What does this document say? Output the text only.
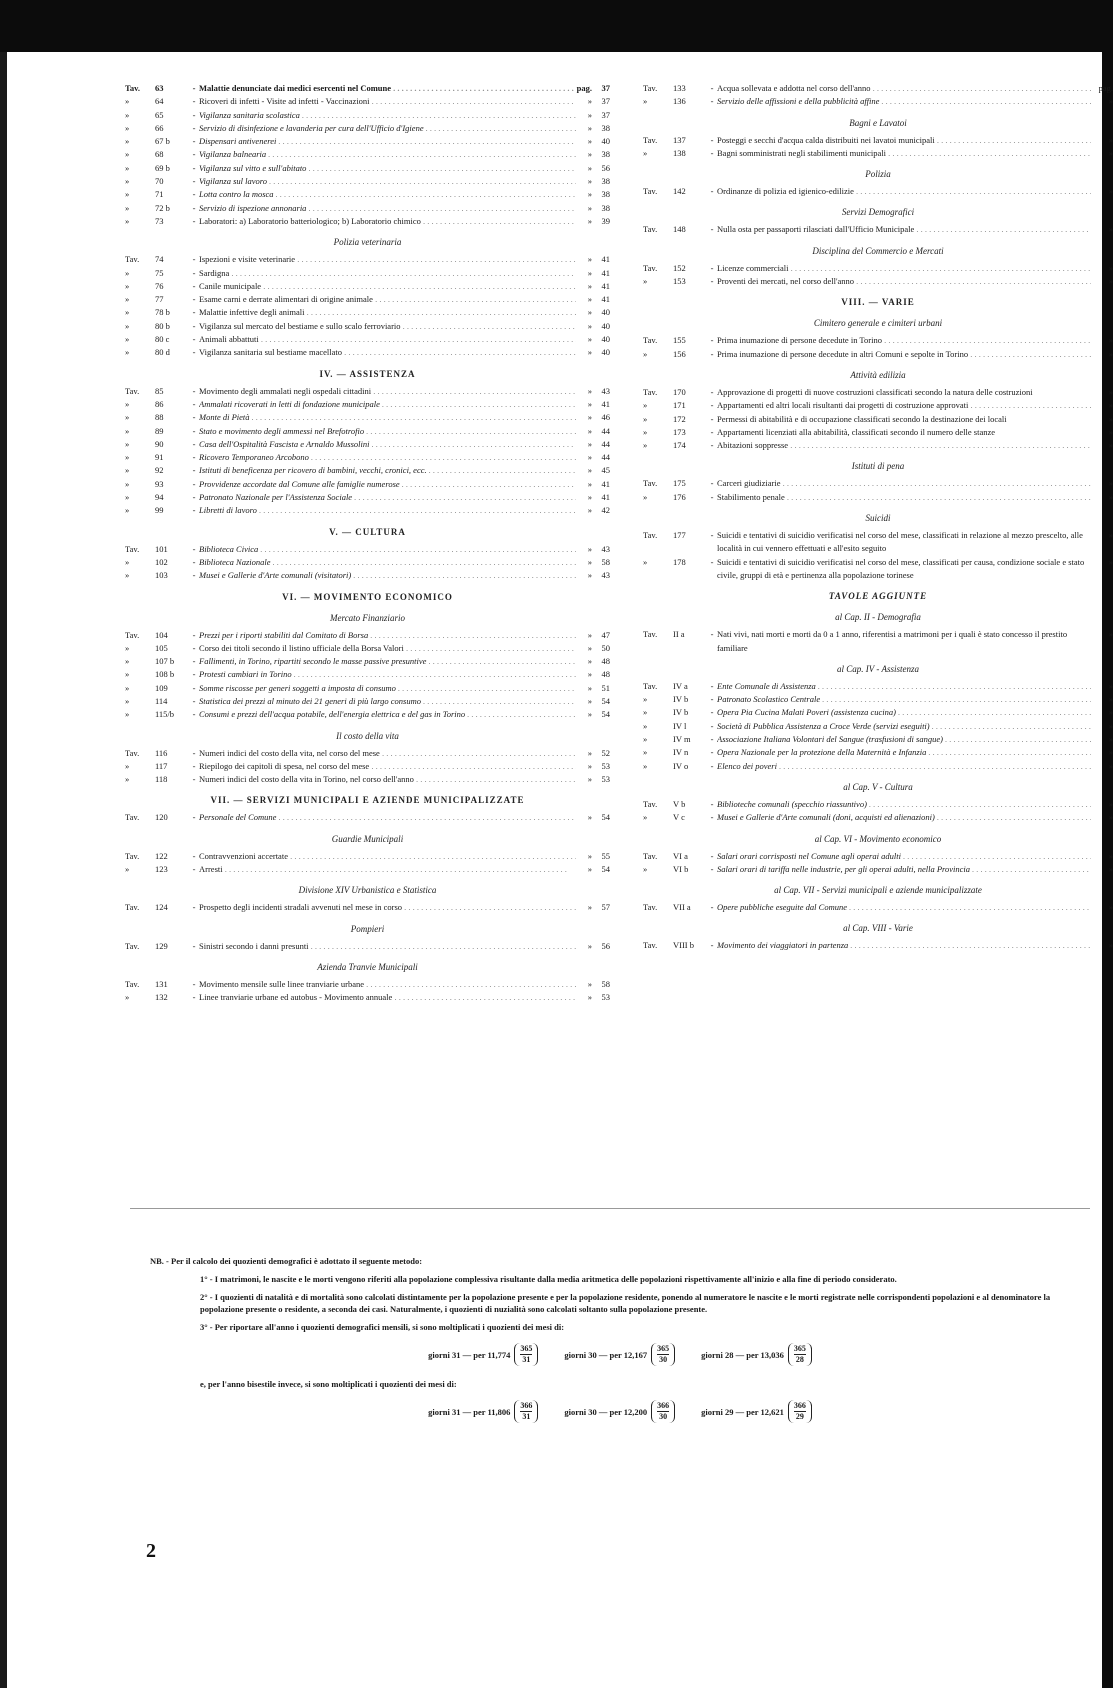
Tav.	63	- Malattie denunciate dai medici esercenti nel Comune . . .	pag.	37
»	64	- Ricoveri di infetti - Visite ad infetti - Vaccinazioni . . .	»	37
»	65	- Vigilanza sanitaria scolastica . . .	»	37
»	66	- Servizio di disinfezione e lavanderia per cura dell'Ufficio d'Igiene . . .	»	38
»	67 b	- Dispensari antivenerei . . .	»	40
»	68	- Vigilanza balnearia . . .	»	38
»	69 b	- Vigilanza sul vitto e sull'abitato . . .	»	56
»	70	- Vigilanza sul lavoro . . .	»	38
»	71	- Lotta contro la mosca . . .	»	38
»	72 b	- Servizio di ispezione annonaria . . .	»	38
»	73	- Laboratori: a) Laboratorio batteriologico; b) Laboratorio chimico . . .	»	39
Polizia veterinaria
Tav.	74	- Ispezioni e visite veterinarie . . .	»	41
»	75	- Sardigna . . .	»	41
»	76	- Canile municipale . . .	»	41
»	77	- Esame carni e derrate alimentari di origine animale . . .	»	41
»	78 b	- Malattie infettive degli animali . . .	»	40
»	80 b	- Vigilanza sul mercato del bestiame e sullo scalo ferroviario . . .	»	40
»	80 c	- Animali abbattuti . . .	»	40
»	80 d	- Vigilanza sanitaria sul bestiame macellato . . .	»	40
IV. — ASSISTENZA
Tav.	85	- Movimento degli ammalati negli ospedali cittadini . . .	»	43
»	86	- Ammalati ricoverati in letti di fondazione municipale . . .	»	41
»	88	- Monte di Pietà . . .	»	46
»	89	- Stato e movimento degli ammessi nel Brefotrofio . . .	»	44
»	90	- Casa dell'Ospitalità Fascista e Arnaldo Mussolini . . .	»	44
»	91	- Ricovero Temporaneo Arcobono . . .	»	44
»	92	- Istituti di beneficenza per ricovero di bambini, vecchi, cronici, ecc. . . .	»	45
»	93	- Provvidenze accordate dal Comune alle famiglie numerose . . .	»	41
»	94	- Patronato Nazionale per l'Assistenza Sociale . . .	»	41
»	99	- Libretti di lavoro . . .	»	42
V. — CULTURA
Tav.	101	- Biblioteca Civica . . .	»	43
»	102	- Biblioteca Nazionale . . .	»	58
»	103	- Musei e Gallerie d'Arte comunali (visitatori) . . .	»	43
VI. — MOVIMENTO ECONOMICO
Mercato Finanziario
Tav.	104	- Prezzi per i riporti stabiliti dal Comitato di Borsa . . .	»	47
»	105	- Corso dei titoli secondo il listino ufficiale della Borsa Valori . . .	»	50
»	107 b	- Fallimenti, in Torino, ripartiti secondo le masse passive presuntive . . .	»	48
»	108 b	- Protesti cambiari in Torino . . .	»	48
»	109	- Somme riscosse per generi soggetti a imposta di consumo . . .	»	51
»	114	- Statistica dei prezzi al minuto dei 21 generi di più largo consumo . . .	»	54
»	115/b	- Consumi e prezzi dell'acqua potabile, dell'energia elettrica e del gas in Torino . . .	»	54
Il costo della vita
Tav.	116	- Numeri indici del costo della vita, nel corso del mese . . .	»	52
»	117	- Riepilogo dei capitoli di spesa, nel corso del mese . . .	»	53
»	118	- Numeri indici del costo della vita in Torino, nel corso dell'anno . . .	»	53
VII. — SERVIZI MUNICIPALI E AZIENDE MUNICIPALIZZATE
Tav.	120	- Personale del Comune . . .	»	54
Guardie Municipali
Tav.	122	- Contravvenzioni accertate . . .	»	55
»	123	- Arresti . . .	»	54
Divisione XIV Urbanistica e Statistica
Tav.	124	- Prospetto degli incidenti stradali avvenuti nel mese in corso . . .	»	57
Pompieri
Tav.	129	- Sinistri secondo i danni presunti . . .	»	56
Azienda Tranvie Municipali
Tav.	131	- Movimento mensile sulle linee tranviarie urbane . . .	»	58
»	132	- Linee tranviarie urbane ed autobus - Movimento annuale . . .	»	53
Tav.	133	- Acqua sollevata e addotta nel corso dell'anno . . .	pag.
»	136	- Servizio delle affissioni e della pubblicità affine . . .	»
Bagni e Lavatoi
Tav.	137	- Posteggi e secchi d'acqua calda distribuiti nei lavatoi municipali . . .	»
»	138	- Bagni somministrati negli stabilimenti municipali . . .	»
Polizia
Tav.	142	- Ordinanze di polizia ed igienico-edilizie . . .	»
Servizi Demografici
Tav.	148	- Nulla osta per passaporti rilasciati dall'Ufficio Municipale . . .	»
Disciplina del Commercio e Mercati
Tav.	152	- Licenze commerciali . . .	»
»	153	- Proventi dei mercati, nel corso dell'anno . . .	»
VIII. — VARIE
Cimitero generale e cimiteri urbani
Tav.	155	- Prima inumazione di persone decedute in Torino . . .	»
»	156	- Prima inumazione di persone decedute in altri Comuni e sepolte in Torino . . .	»
Attività edilizia
Tav.	170	- Approvazione di progetti di nuove costruzioni classificati secondo la natura delle costruzioni	»
»	171	- Appartamenti ed altri locali risultanti dai progetti di costruzione approvati . . .	»
»	172	- Permessi di abitabilità e di occupazione classificati secondo la destinazione dei locali	»
»	173	- Appartamenti licenziati alla abitabilità, classificati secondo il numero delle stanze	»
»	174	- Abitazioni soppresse . . .	»
Istituti di pena
Tav.	175	- Carceri giudiziarie . . .	»
»	176	- Stabilimento penale . . .	»
Suicidi
Tav.	177	- Suicidi e tentativi di suicidio verificatisi nel corso del mese, classificati in relazione al mezzo prescelto, alle località in cui vennero effettuati e all'esito seguito
»
»	178	- Suicidi e tentativi di suicidio verificatisi nel corso del mese, classificati per causa, condizione sociale e stato civile, gruppi di età e pertinenza alla popolazione torinese
»
TAVOLE AGGIUNTE
al Cap. II - Demografia
Tav.	II a	- Nati vivi, nati morti e morti da 0 a 1 anno, riferentisi a matrimoni per i quali è stato concesso il prestito familiare
»
al Cap. IV - Assistenza
Tav.	IV a	- Ente Comunale di Assistenza . . .	»
»	IV b	- Patronato Scolastico Centrale . . .	»
»	IV b	- Opera Pia Cucina Malati Poveri (assistenza cucina) . . .	»
»	IV l	- Società di Pubblica Assistenza a Croce Verde (servizi eseguiti) . . .	»
»	IV m	- Associazione Italiana Volontari del Sangue (trasfusioni di sangue) . . .	»
»	IV n	- Opera Nazionale per la protezione della Maternità e Infanzia . . .	»
»	IV o	- Elenco dei poveri . . .	»
al Cap. V - Cultura
Tav.	V b	- Biblioteche comunali (specchio riassuntivo) . . .	»
»	V c	- Musei e Gallerie d'Arte comunali (doni, acquisti ed alienazioni) . . .	»
al Cap. VI - Movimento economico
Tav.	VI a	- Salari orari corrisposti nel Comune agli operai adulti . . .	»
»	VI b	- Salari orari di tariffa nelle industrie, per gli operai adulti, nella Provincia . . .	»
al Cap. VII - Servizi municipali e aziende municipalizzate
Tav.	VII a	- Opere pubbliche eseguite dal Comune . . .	»
al Cap. VIII - Varie
Tav.	VIII b	- Movimento dei viaggiatori in partenza . . .	»

NB. - Per il calcolo dei quozienti demografici è adottato il seguente metodo:

1° - I matrimoni, le nascite e le morti vengono riferiti alla popolazione complessiva risultante dalla media aritmetica delle popolazioni rispettivamente all'inizio e alla fine di periodo considerato.

2° - I quozienti di natalità e di mortalità sono calcolati distintamente per la popolazione presente e per la popolazione residente, ponendo al numeratore le nascite e le morti registrate nelle corrispondenti popolazioni e al denominatore la popolazione presente o residente, a seconda dei casi. Naturalmente, i quozienti di nuzialità sono calcolati soltanto sulla popolazione presente.

3° - Per riportare all'anno i quozienti demografici mensili, si sono moltiplicati i quozienti dei mesi di:

giorni 31 — per $11,774 \frac{365}{31}$	giorni 30 — per $12,167 \frac{365}{30}$	giorni 28 — per $13,036 \frac{365}{28}$

e, per l'anno bisestile invece, si sono moltiplicati i quozienti dei mesi di:

giorni 31 — per $11,806 \frac{366}{31}$	giorni 30 — per $12,200 \frac{366}{30}$	giorni 29 — per $12,621 \frac{366}{29}$
2
